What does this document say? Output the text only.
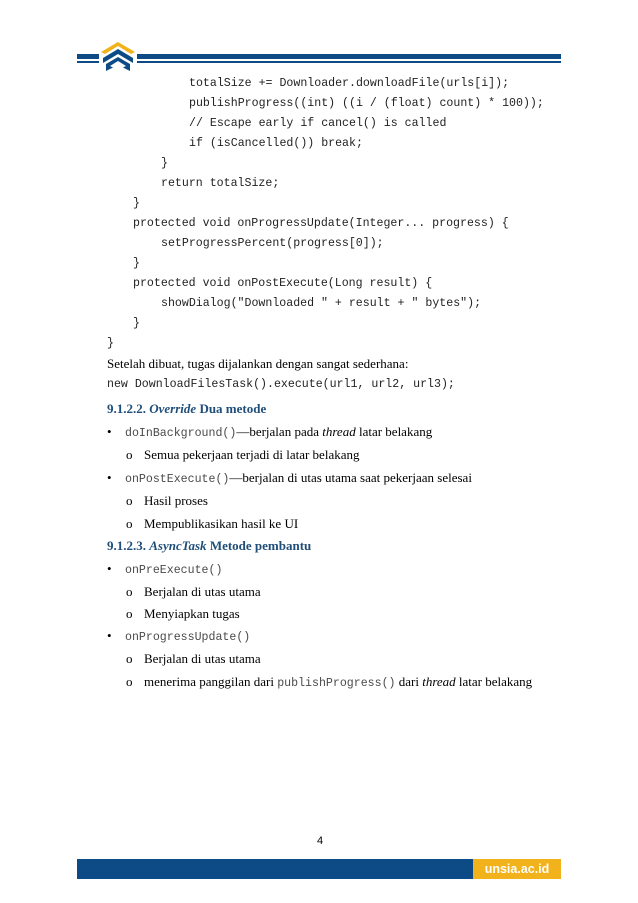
totalSize += Downloader.downloadFile(urls[i]);
publishProgress((int) ((i / (float) count) * 100));
// Escape early if cancel() is called
if (isCancelled()) break;
}
return totalSize;
}
protected void onProgressUpdate(Integer... progress) {
setProgressPercent(progress[0]);
}
protected void onPostExecute(Long result) {
showDialog("Downloaded " + result + " bytes");
}
}
Setelah dibuat, tugas dijalankan dengan sangat sederhana:
new DownloadFilesTask().execute(url1, url2, url3);
9.1.2.2. Override Dua metode
• doInBackground()—berjalan pada thread latar belakang
o Semua pekerjaan terjadi di latar belakang
• onPostExecute()—berjalan di utas utama saat pekerjaan selesai
o Hasil proses
o Mempublikasikan hasil ke UI
9.1.2.3. AsyncTask Metode pembantu
• onPreExecute()
o Berjalan di utas utama
o Menyiapkan tugas
• onProgressUpdate()
o Berjalan di utas utama
o menerima panggilan dari publishProgress() dari thread latar belakang
4
unsia.ac.id
